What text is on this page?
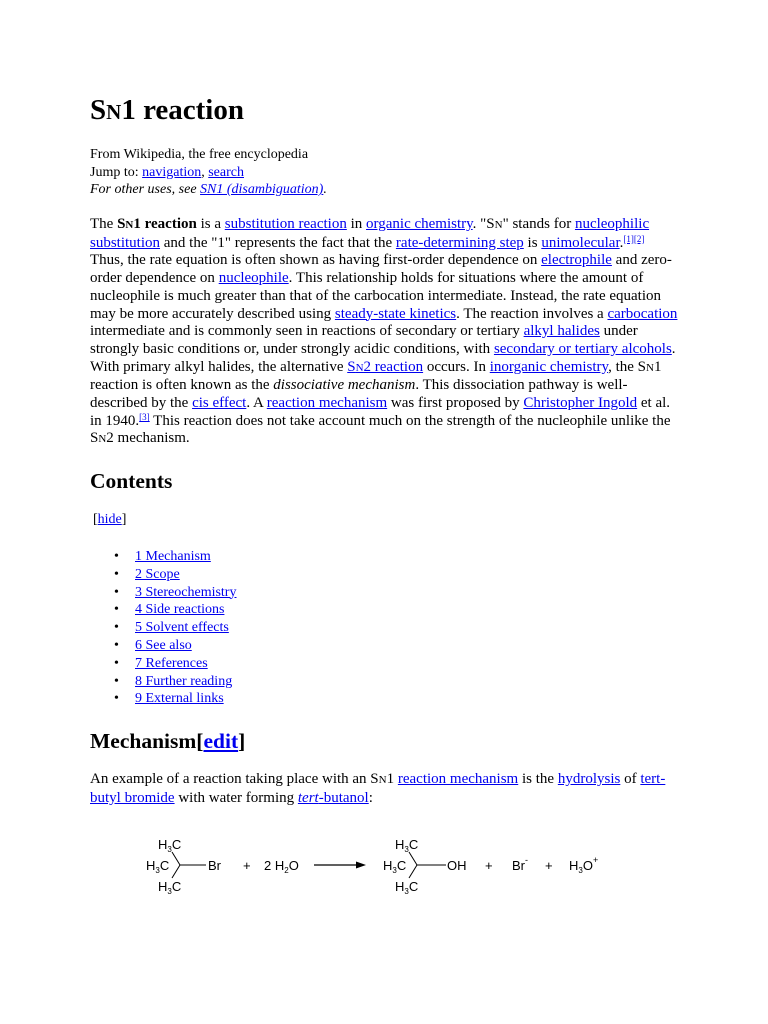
SN1 reaction
From Wikipedia, the free encyclopedia
Jump to: navigation, search
For other uses, see SN1 (disambiguation).

The SN1 reaction is a substitution reaction in organic chemistry. "SN" stands for nucleophilic substitution and the "1" represents the fact that the rate-determining step is unimolecular.[1][2] Thus, the rate equation is often shown as having first-order dependence on electrophile and zero-order dependence on nucleophile. This relationship holds for situations where the amount of nucleophile is much greater than that of the carbocation intermediate. Instead, the rate equation may be more accurately described using steady-state kinetics. The reaction involves a carbocation intermediate and is commonly seen in reactions of secondary or tertiary alkyl halides under strongly basic conditions or, under strongly acidic conditions, with secondary or tertiary alcohols. With primary alkyl halides, the alternative SN2 reaction occurs. In inorganic chemistry, the SN1 reaction is often known as the dissociative mechanism. This dissociation pathway is well-described by the cis effect. A reaction mechanism was first proposed by Christopher Ingold et al. in 1940.[3] This reaction does not take account much on the strength of the nucleophile unlike the SN2 mechanism.

Contents
[hide]
• 1 Mechanism
• 2 Scope
• 3 Stereochemistry
• 4 Side reactions
• 5 Solvent effects
• 6 See also
• 7 References
• 8 Further reading
• 9 External links
Mechanism[edit]

An example of a reaction taking place with an SN1 reaction mechanism is the hydrolysis of tert-butyl bromide with water forming tert-butanol:

$H_3C$
$H_3C$
$H_3C$
Br + 2 $H_2O$
$H_3C$
$H_3C$
$H_3C$
OH + $Br^- + H_3O^+$
